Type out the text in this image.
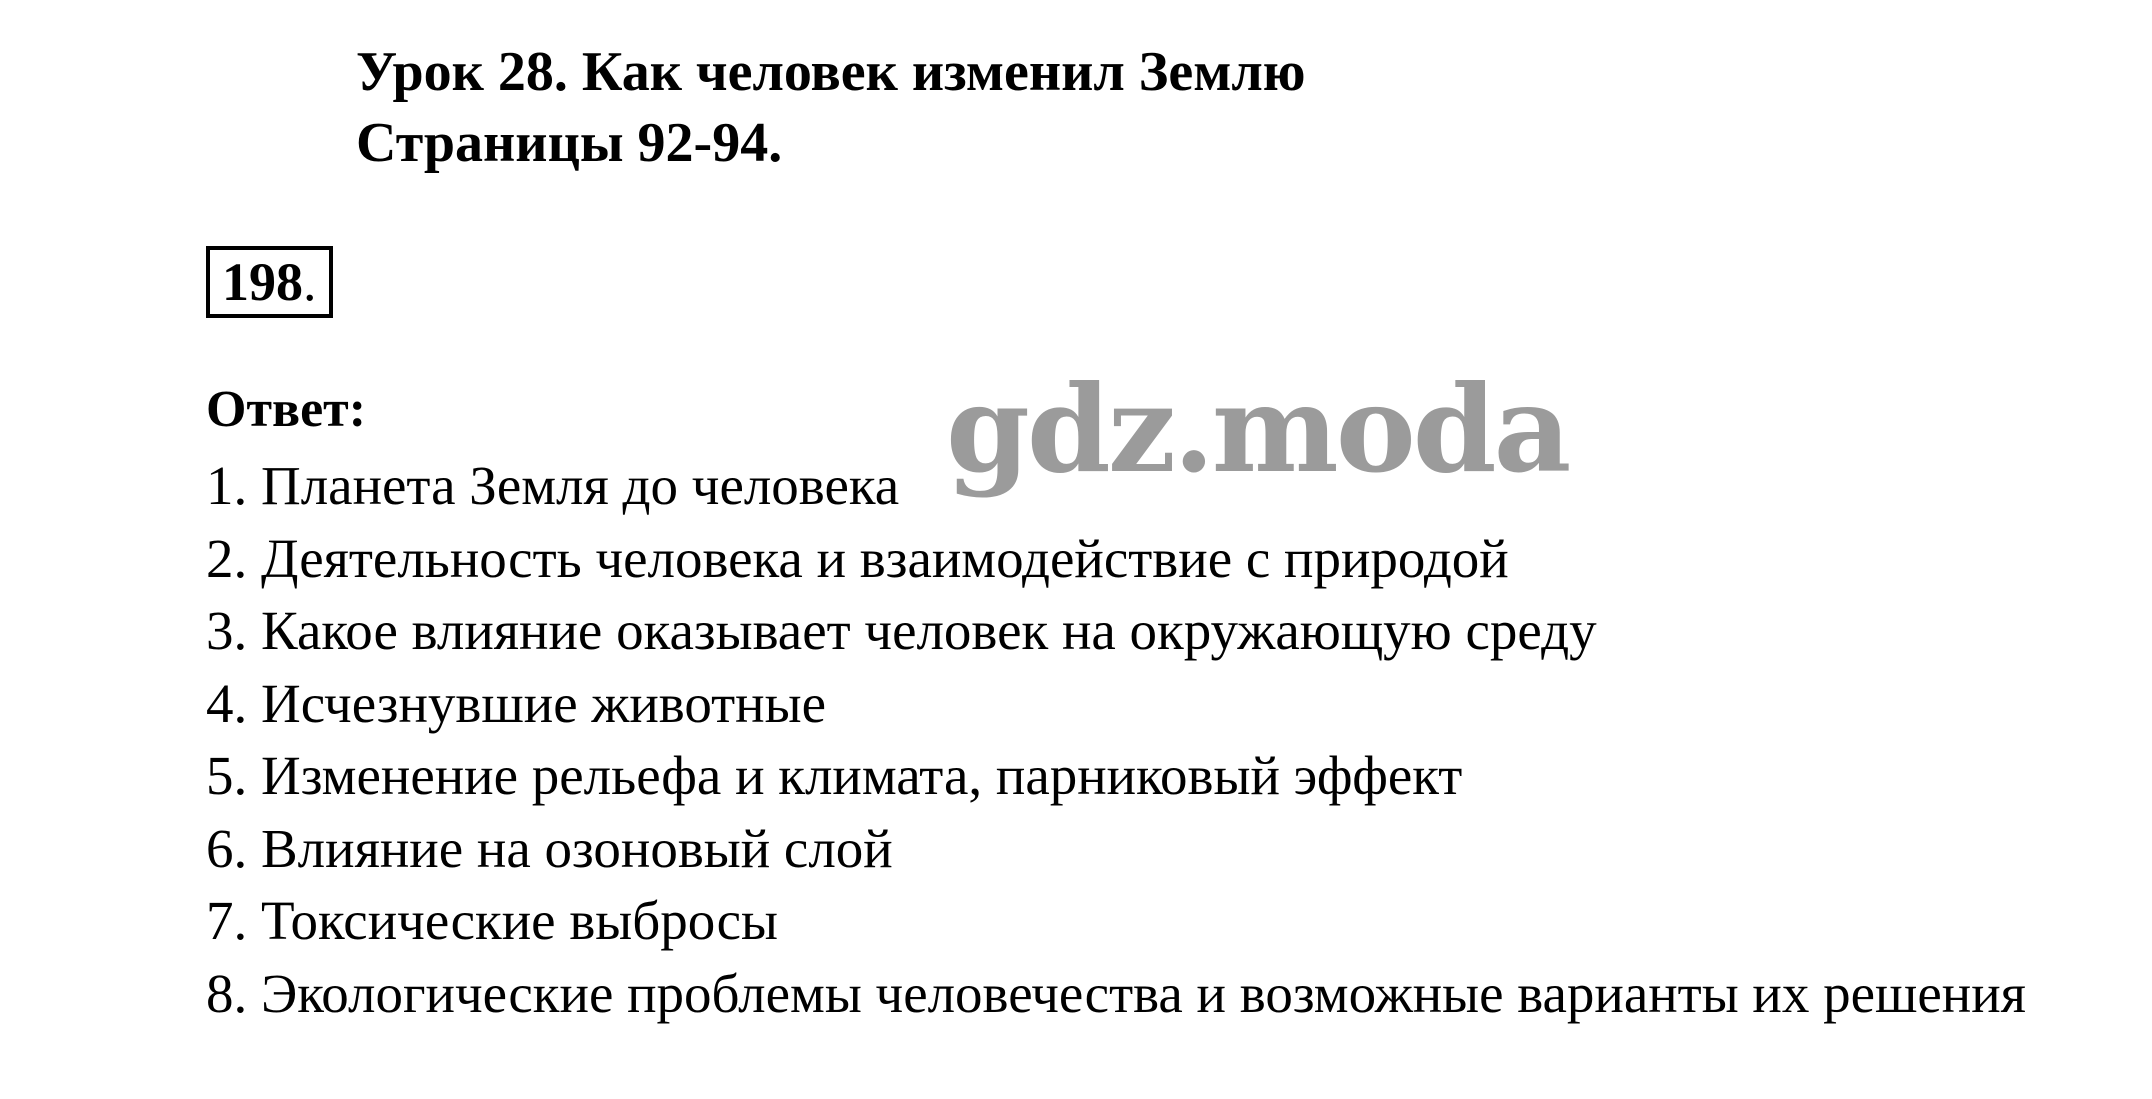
Урок 28. Как человек изменил Землю
Страницы 92-94.
198 .
Ответ:
1. Планета Земля до человека
2. Деятельность человека и взаимодействие с природой
3. Какое влияние оказывает человек на окружающую среду
4. Исчезнувшие животные
5. Изменение рельефа и климата, парниковый эффект
6. Влияние на озоновый слой
7. Токсические выбросы
8. Экологические проблемы человечества и возможные варианты их решения
gdz.moda
